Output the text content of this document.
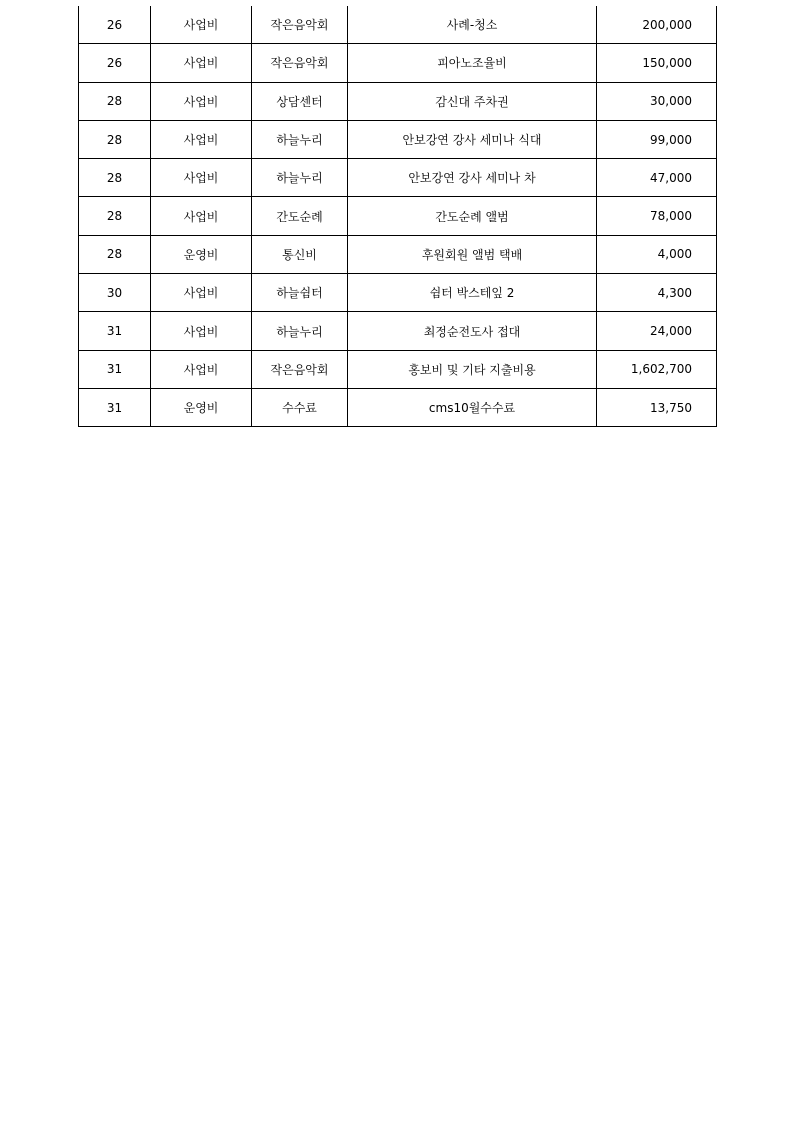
26	사업비	작은음악회	사례-청소	200,000
26	사업비	작은음악회	피아노조율비	150,000
28	사업비	상담센터	감신대 주차권	30,000
28	사업비	하늘누리	안보강연 강사 세미나 식대	99,000
28	사업비	하늘누리	안보강연 강사 세미나 차	47,000
28	사업비	간도순례	간도순례 앨범	78,000
28	운영비	통신비	후원회원 앨범 택배	4,000
30	사업비	하늘쉼터	쉼터 박스테잎 2	4,300
31	사업비	하늘누리	최정순전도사 접대	24,000
31	사업비	작은음악회	홍보비 및 기타 지출비용	1,602,700
31	운영비	수수료	cms10월수수료	13,750
